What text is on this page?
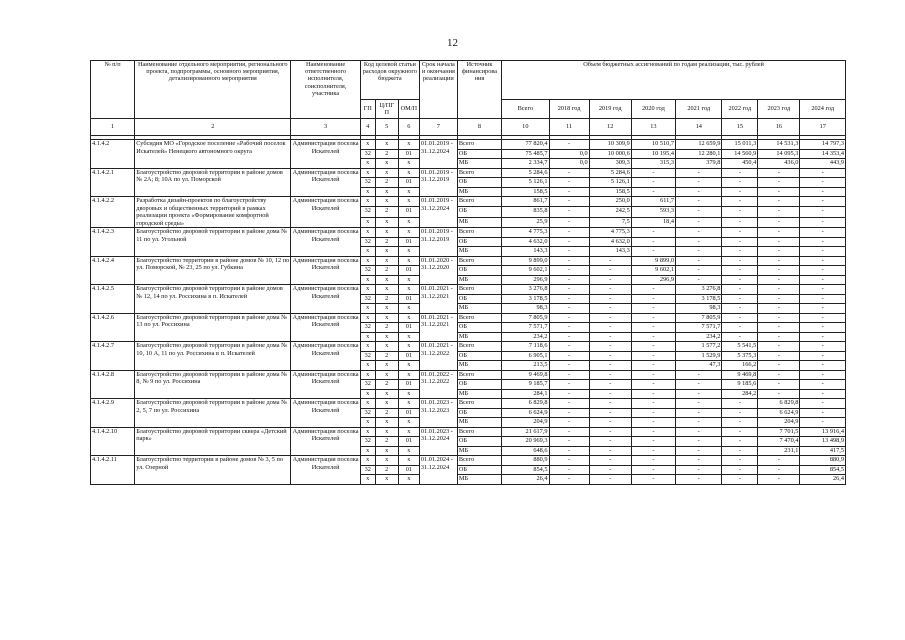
12
№ п/п	Наименование отдельного мероприятия, регионального проекта, подпрограммы, основного мероприятия, детализированного мероприятия	Наименование ответственного исполнителя, соисполнителя, участника	Код целевой статьи расходов окружного бюджета			Срок начала и окончания реализации	Источник финансирова ния	Объем бюджетных ассигнований по годам реализации, тыс. рублей							
			ГП	Ц/ПГ П	ОМ/П			Всего	2018 год	2019 год	2020 год	2021 год	2022 год	2023 год	2024 год
1	2	3	4	5	6	7	8	10	11	12	13	14	15	16	17

4.1.4.2	Субсидия МО «Городское поселение «Рабочий поселок Искателей» Ненецкого автономного округа	Администрация поселка Искателей	x	x	x	01.01.2019 - 31.12.2024	Всего	77 820,4	-	10 309,9	10 510,7	12 659,9	15 011,3	14 531,3	14 797,3
			32	2	01		ОБ	75 485,7	0,0	10 000,6	10 195,4	12 280,1	14 560,9	14 095,3	14 353,4
			x	x	x		МБ	2 334,7	0,0	309,3	315,3	379,8	450,4	436,0	443,9
4.1.4.2.1	Благоустройство дворовой территории в районе домов № 2А; 8; 10А по ул. Поморской	Администрация поселка Искателей	x	x	x	01.01.2019 - 31.12.2019	Всего	5 284,6	-	5 284,6	-	-	-	-	-
			32	2	01		ОБ	5 126,1	-	5 126,1	-	-	-	-	-
			x	x	x		МБ	158,5	-	158,5	-	-	-	-	-
4.1.4.2.2	Разработка дизайн-проектов по благоустройству дворовых и общественных территорий в рамках реализации проекта «Формирование комфортной городской среды»	Администрация поселка Искателей	x	x	x	01.01.2019 - 31.12.2024	Всего	861,7	-	250,0	611,7	-	-	-	-
			32	2	01		ОБ	835,8	-	242,5	593,3	-	-	-	-
			x	x	x		МБ	25,9	-	7,5	18,4	-	-	-	-
4.1.4.2.3	Благоустройство дворовой территории в районе дома № 11 по ул. Угольной	Администрация поселка Искателей	x	x	x	01.01.2019 - 31.12.2019	Всего	4 775,3	-	4 775,3	-	-	-	-	-
			32	2	01		ОБ	4 632,0	-	4 632,0	-	-	-	-	-
			x	x	x		МБ	143,3	-	143,3	-	-	-	-	-
4.1.4.2.4	Благоустройство территории в районе домов № 10, 12 по ул. Поморской, № 23, 25 по ул. Губкина	Администрация поселка Искателей	x	x	x	01.01.2020 - 31.12.2020	Всего	9 899,0	-	-	9 899,0	-	-	-	-
			32	2	01		ОБ	9 602,1	-	-	9 602,1	-	-	-	-
			x	x	x		МБ	296,9	-	-	296,9	-	-	-	-
4.1.4.2.5	Благоустройство дворовой территории в районе домов № 12, 14 по ул. Россихина в п. Искателей	Администрация поселка Искателей	x	x	x	01.01.2021 - 31.12.2021	Всего	3 276,8	-	-	-	3 276,8	-	-	-
			32	2	01		ОБ	3 178,5	-	-	-	3 178,5	-	-	-
			x	x	x		МБ	98,3	-	-	-	98,3	-	-	-
4.1.4.2.6	Благоустройство дворовой территории в районе дома № 13 по ул. Россихина	Администрация поселка Искателей	x	x	x	01.01.2021 - 31.12.2021	Всего	7 805,9	-	-	-	7 805,9	-	-	-
			32	2	01		ОБ	7 571,7	-	-	-	7 571,7	-	-	-
			x	x	x		МБ	234,2	-	-	-	234,2	-	-	-
4.1.4.2.7	Благоустройство дворовой территории в районе дома № 10, 10 А, 11 по ул. Россихина в п. Искателей	Администрация поселка Искателей	x	x	x	01.01.2021 - 31.12.2022	Всего	7 118,6	-	-	-	1 577,2	5 541,5	-	-
			32	2	01		ОБ	6 905,1	-	-	-	1 529,9	5 375,3	-	-
			x	x	x		МБ	213,5	-	-	-	47,3	166,2	-	-
4.1.4.2.8	Благоустройство дворовой территории в районе дома № 8, № 9 по ул. Россихина	Администрация поселка Искателей	x	x	x	01.01.2022 - 31.12.2022	Всего	9 469,8	-	-	-	-	9 469,8	-	-
			32	2	01		ОБ	9 185,7	-	-	-	-	9 185,6	-	-
			x	x	x		МБ	284,1	-	-	-	-	284,2	-	-
4.1.4.2.9	Благоустройство дворовой территории в районе дома № 2, 5, 7 по ул. Россихина	Администрация поселка Искателей	x	x	x	01.01.2023 - 31.12.2023	Всего	6 829,8	-	-	-	-	-	6 829,8	-
			32	2	01		ОБ	6 624,9	-	-	-	-	-	6 624,9	-
			x	x	x		МБ	204,9	-	-	-	-	-	204,9	-
4.1.4.2.10	Благоустройство дворовой территории сквера «Детский парк»	Администрация поселка Искателей	x	x	x	01.01.2023 - 31.12.2024	Всего	21 617,9	-	-	-	-	-	7 701,5	13 916,4
			32	2	01		ОБ	20 969,3	-	-	-	-	-	7 470,4	13 498,9
			x	x	x		МБ	648,6	-	-	-	-	-	231,1	417,5
4.1.4.2.11	Благоустройство территории в районе домов № 3, 5 по ул. Озерной	Администрация поселка Искателей	x	x	x	01.01.2024 - 31.12.2024	Всего	880,9	-	-	-	-	-	-	880,9
			32	2	01		ОБ	854,5	-	-	-	-	-	-	854,5
			x	x	x		МБ	26,4	-	-	-	-	-	-	26,4
